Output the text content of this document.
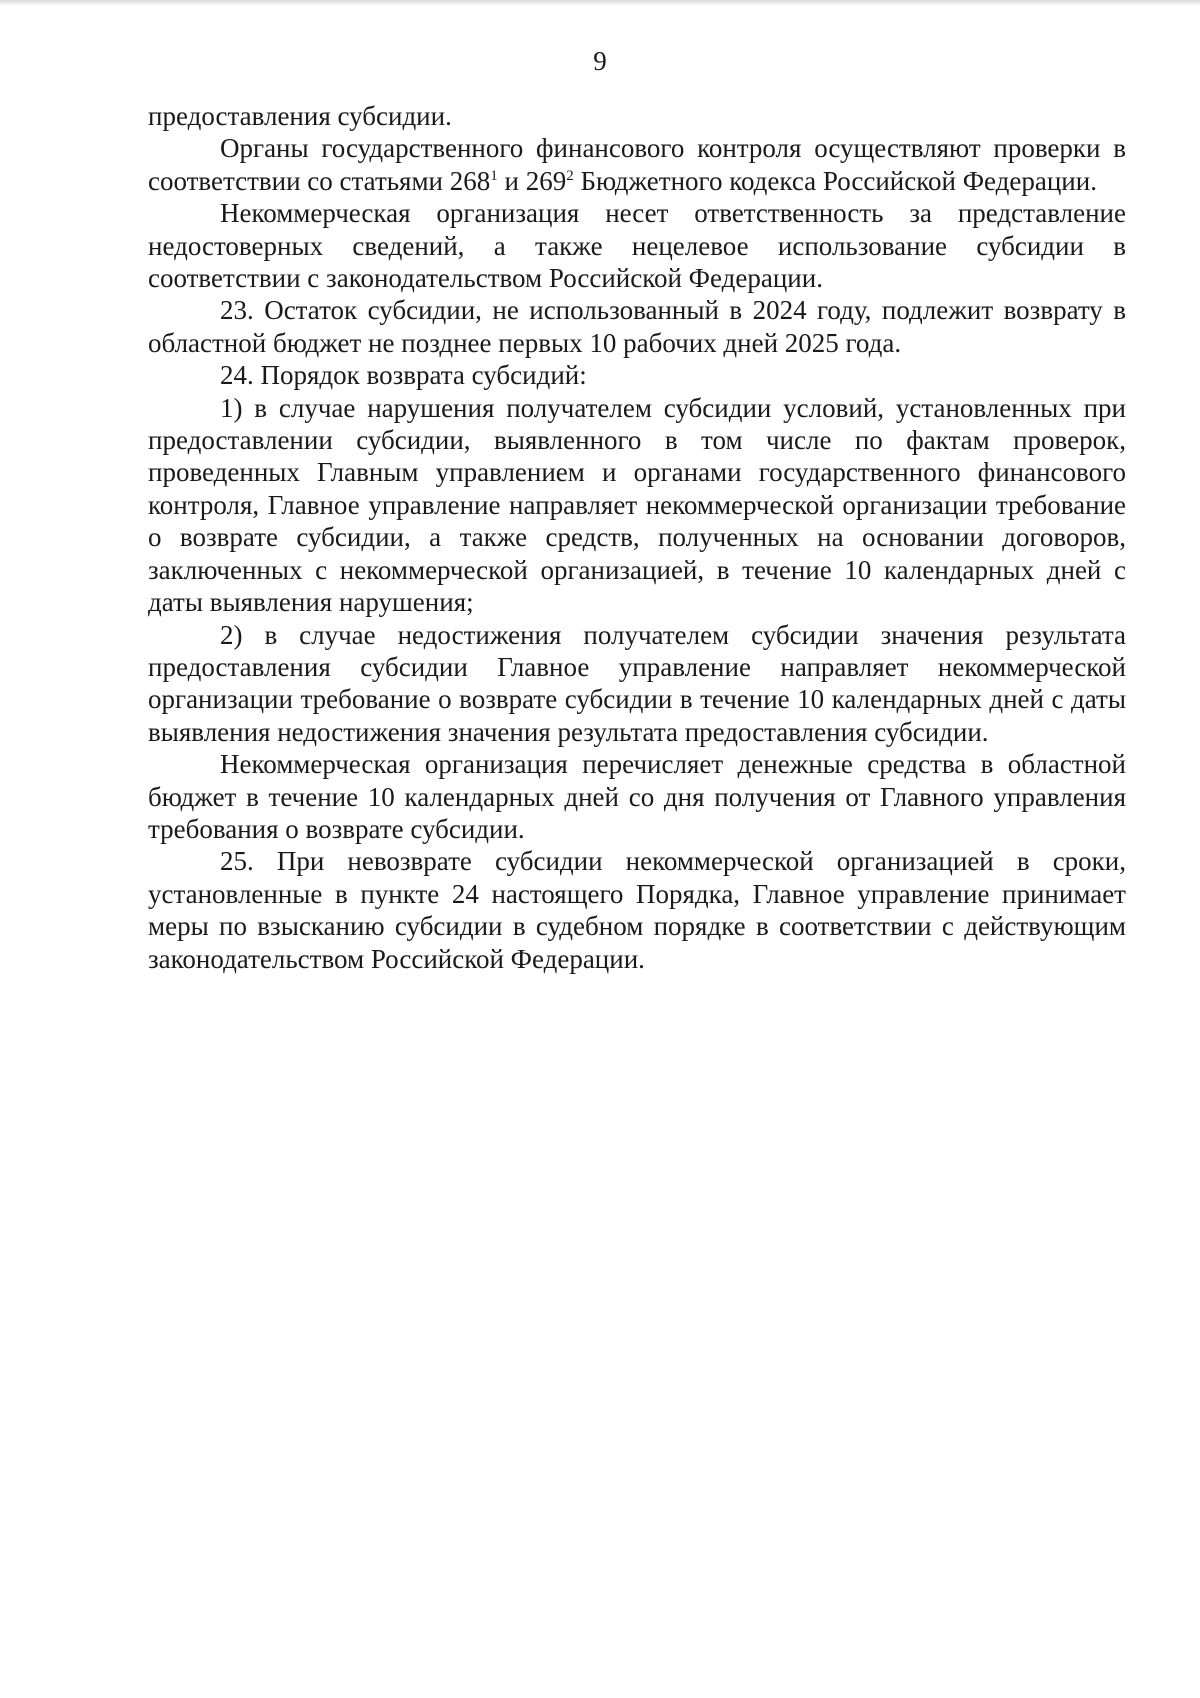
9

предоставления субсидии.

Органы государственного финансового контроля осуществляют проверки в соответствии со статьями $268^1$ и $269^2$ Бюджетного кодекса Российской Федерации.

Некоммерческая организация несет ответственность за представление недостоверных сведений, а также нецелевое использование субсидии в соответствии с законодательством Российской Федерации.

23. Остаток субсидии, не использованный в 2024 году, подлежит возврату в областной бюджет не позднее первых 10 рабочих дней 2025 года.

24. Порядок возврата субсидий:

1) в случае нарушения получателем субсидии условий, установленных при предоставлении субсидии, выявленного в том числе по фактам проверок, проведенных Главным управлением и органами государственного финансового контроля, Главное управление направляет некоммерческой организации требование о возврате субсидии, а также средств, полученных на основании договоров, заключенных с некоммерческой организацией, в течение 10 календарных дней с даты выявления нарушения;

2) в случае недостижения получателем субсидии значения результата предоставления субсидии Главное управление направляет некоммерческой организации требование о возврате субсидии в течение 10 календарных дней с даты выявления недостижения значения результата предоставления субсидии.

Некоммерческая организация перечисляет денежные средства в областной бюджет в течение 10 календарных дней со дня получения от Главного управления требования о возврате субсидии.

25. При невозврате субсидии некоммерческой организацией в сроки, установленные в пункте 24 настоящего Порядка, Главное управление принимает меры по взысканию субсидии в судебном порядке в соответствии с действующим законодательством Российской Федерации.
